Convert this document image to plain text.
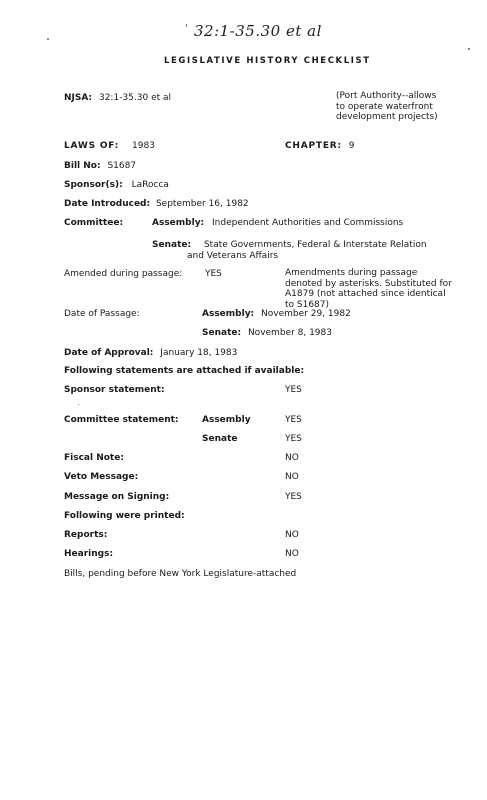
32:1-35.30 et al
LEGISLATIVE HISTORY CHECKLIST
NJSA: 32:1-35.30 et al	(Port Authority--allows to operate waterfront development projects)
LAWS OF: 1983	CHAPTER: 9
Bill No: S1687
Sponsor(s): LaRocca
Date Introduced: September 16, 1982
Committee:	Assembly: Independent Authorities and Commissions
Senate: State Governments, Federal & Interstate Relation
and Veterans Affairs
Amended during passage:	YES	Amendments during passage denoted by asterisks. Substituted for A1879 (not attached since identical to S1687)
Date of Passage:	Assembly: November 29, 1982
Senate: November 8, 1983
Date of Approval: January 18, 1983
Following statements are attached if available:
Sponsor statement:	YES
Committee statement:	Assembly	YES
Senate	YES
Fiscal Note:	NO
Veto Message:	NO
Message on Signing:	YES
Following were printed:
Reports:	NO
Hearings:	NO
Bills, pending before New York Legislature-attached
